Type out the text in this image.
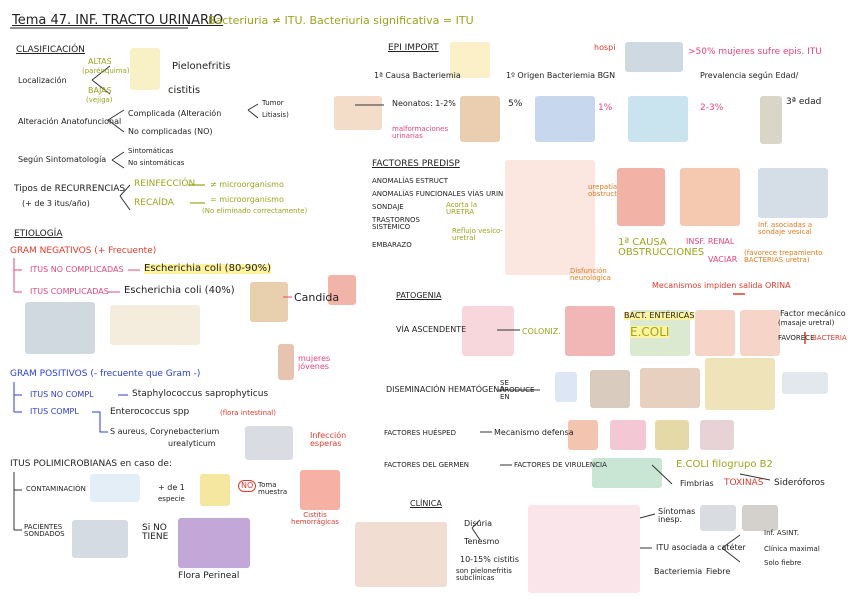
Tema 47. INF. TRACTO URINARIO
Bacteriuria ≠ ITU. Bacteriuria significativa = ITU
CLASIFICACIÓN
Localización
ALTAS
(parénquima)
BAJAS
(vejiga)
Pielonefritis
cistitis
Alteración Anatofuncional
Complicada (Alteración
Tumor
Litiasis)
No complicadas (NO)
Según Sintomatología
Sintomáticas
No sintomáticas
Tipos de RECURRENCIAS
(+ de 3 itus/año)
REINFECCIÓN ≠ microorganismo
RECAÍDA	= microorganismo
(No eliminado correctamente)
ETIOLOGÍA
GRAM NEGATIVOS (+ Frecuente)
ITUS NO COMPLICADAS Escherichia coli (80-90%)
ITUS COMPLICADAS Escherichia coli (40%)
Candida
GRAM POSITIVOS (- frecuente que Gram -)
ITUS NO COMPL	Staphylococcus saprophyticus
mujeres jóvenes
ITUS COMPL	Enterococcus spp	(flora intestinal)
S aureus, Corynebacterium
urealyticum
Infección esperas
Cistitis hemorrágicas
ITUS POLIMICROBIANAS en caso de:
CONTAMINACIÓN	+ de 1
especie
NO Toma muestra
PACIENTES SONDADOS
Si NO TIENE
Flora Perineal
EPI IMPORT	hospi	>50% mujeres sufre epis. ITU
1ª Causa Bacteriemia	1º Origen Bacteriemia BGN	Prevalencia según Edad/
Neonatos: 1-2%
malformaciones urinarias
5%	1%	2-3%
3ª edad
FACTORES PREDISP
ANOMALÍAS ESTRUCT
ANOMALÍAS FUNCIONALES VÍAS URIN
SONDAJE
TRASTORNOS SISTÉMICO
EMBARAZO
Acorta la URETRA
Reflujo vesico-uretral
urepatía obstruct
Disfunción neurológica
1ª CAUSA OBSTRUCCIONES
INSF. RENAL
VACIAR
Mecanismos impiden salida ORINA
Inf. asociadas a sondaje vesical
(favorece trepamiento BACTERIAS uretra)
PATOGENIA
VÍA ASCENDENTE	COLONIZ.
BACT. ENTÉRICAS
E.COLI
Factor mecánico
(masaje uretral)
FAVORECE
BACTERIA
DISEMINACIÓN HEMATÓGENA
SE PRODUCE EN
FACTORES HUÉSPED	Mecanismo defensa
FACTORES DEL GERMEN	FACTORES DE VIRULENCIA	E.COLI filogrupo B2
Fimbrias TOXINAS Sideróforos
CLÍNICA
Disuria
Tenesmo
10-15% cistitis
son pielonefritis subclínicas
Síntomas inesp.
ITU asociada a catéter
Inf. ASINT.
Clínica maximal
Solo fiebre
Bacteriemia Fiebre
